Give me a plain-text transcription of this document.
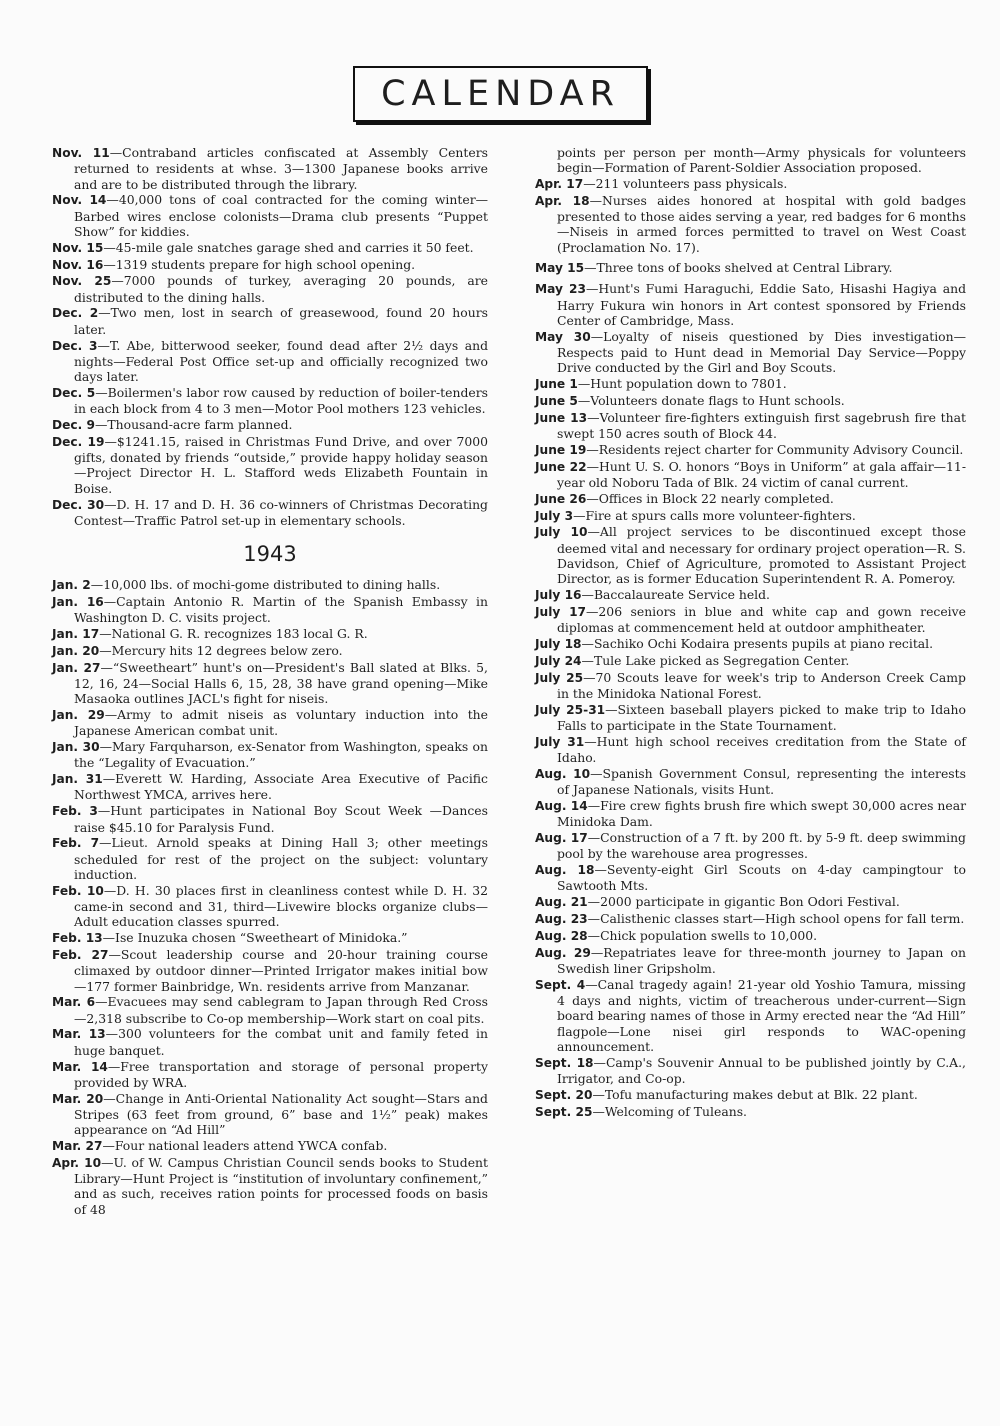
CALENDAR

Nov. 11—Contraband articles confiscated at Assembly Centers returned to residents at whse. 3—1300 Japanese books arrive and are to be distributed through the library.

Nov. 14—40,000 tons of coal contracted for the coming winter—Barbed wires enclose colonists—Drama club presents “Puppet Show” for kiddies.

Nov. 15—45-mile gale snatches garage shed and carries it 50 feet.

Nov. 16—1319 students prepare for high school opening.

Nov. 25—7000 pounds of turkey, averaging 20 pounds, are distributed to the dining halls.

Dec. 2—Two men, lost in search of greasewood, found 20 hours later.

Dec. 3—T. Abe, bitterwood seeker, found dead after 2½ days and nights—Federal Post Office set-up and officially recognized two days later.

Dec. 5—Boilermen's labor row caused by reduction of boiler-tenders in each block from 4 to 3 men—Motor Pool mothers 123 vehicles.

Dec. 9—Thousand-acre farm planned.

Dec. 19—$1241.15, raised in Christmas Fund Drive, and over 7000 gifts, donated by friends “outside,” provide happy holiday season—Project Director H. L. Stafford weds Elizabeth Fountain in Boise.

Dec. 30—D. H. 17 and D. H. 36 co-winners of Christmas Decorating Contest—Traffic Patrol set-up in elementary schools.

1943

Jan. 2—10,000 lbs. of mochi-gome distributed to dining halls.

Jan. 16—Captain Antonio R. Martin of the Spanish Embassy in Washington D. C. visits project.

Jan. 17—National G. R. recognizes 183 local G. R.

Jan. 20—Mercury hits 12 degrees below zero.

Jan. 27—“Sweetheart” hunt's on—President's Ball slated at Blks. 5, 12, 16, 24—Social Halls 6, 15, 28, 38 have grand opening—Mike Masaoka outlines JACL's fight for niseis.

Jan. 29—Army to admit niseis as voluntary induction into the Japanese American combat unit.

Jan. 30—Mary Farquharson, ex-Senator from Washington, speaks on the “Legality of Evacuation.”

Jan. 31—Everett W. Harding, Associate Area Executive of Pacific Northwest YMCA, arrives here.

Feb. 3—Hunt participates in National Boy Scout Week —Dances raise $45.10 for Paralysis Fund.

Feb. 7—Lieut. Arnold speaks at Dining Hall 3; other meetings scheduled for rest of the project on the subject: voluntary induction.

Feb. 10—D. H. 30 places first in cleanliness contest while D. H. 32 came-in second and 31, third—Livewire blocks organize clubs—Adult education classes spurred.

Feb. 13—Ise Inuzuka chosen “Sweetheart of Minidoka.”

Feb. 27—Scout leadership course and 20-hour training course climaxed by outdoor dinner—Printed Irrigator makes initial bow—177 former Bainbridge, Wn. residents arrive from Manzanar.

Mar. 6—Evacuees may send cablegram to Japan through Red Cross—2,318 subscribe to Co-op membership—Work start on coal pits.

Mar. 13—300 volunteers for the combat unit and family feted in huge banquet.

Mar. 14—Free transportation and storage of personal property provided by WRA.

Mar. 20—Change in Anti-Oriental Nationality Act sought—Stars and Stripes (63 feet from ground, 6” base and 1½” peak) makes appearance on “Ad Hill”

Mar. 27—Four national leaders attend YWCA confab.

Apr. 10—U. of W. Campus Christian Council sends books to Student Library—Hunt Project is “institution of involuntary confinement,” and as such, receives ration points for processed foods on basis of 48

points per person per month—Army physicals for volunteers begin—Formation of Parent-Soldier Association proposed.

Apr. 17—211 volunteers pass physicals.

Apr. 18—Nurses aides honored at hospital with gold badges presented to those aides serving a year, red badges for 6 months—Niseis in armed forces permitted to travel on West Coast (Proclamation No. 17).

May 15—Three tons of books shelved at Central Library.

May 23—Hunt's Fumi Haraguchi, Eddie Sato, Hisashi Hagiya and Harry Fukura win honors in Art contest sponsored by Friends Center of Cambridge, Mass.

May 30—Loyalty of niseis questioned by Dies investigation—Respects paid to Hunt dead in Memorial Day Service—Poppy Drive conducted by the Girl and Boy Scouts.

June 1—Hunt population down to 7801.

June 5—Volunteers donate flags to Hunt schools.

June 13—Volunteer fire-fighters extinguish first sagebrush fire that swept 150 acres south of Block 44.

June 19—Residents reject charter for Community Advisory Council.

June 22—Hunt U. S. O. honors “Boys in Uniform” at gala affair—11-year old Noboru Tada of Blk. 24 victim of canal current.

June 26—Offices in Block 22 nearly completed.

July 3—Fire at spurs calls more volunteer-fighters.

July 10—All project services to be discontinued except those deemed vital and necessary for ordinary project operation—R. S. Davidson, Chief of Agriculture, promoted to Assistant Project Director, as is former Education Superintendent R. A. Pomeroy.

July 16—Baccalaureate Service held.

July 17—206 seniors in blue and white cap and gown receive diplomas at commencement held at outdoor amphitheater.

July 18—Sachiko Ochi Kodaira presents pupils at piano recital.

July 24—Tule Lake picked as Segregation Center.

July 25—70 Scouts leave for week's trip to Anderson Creek Camp in the Minidoka National Forest.

July 25-31—Sixteen baseball players picked to make trip to Idaho Falls to participate in the State Tournament.

July 31—Hunt high school receives creditation from the State of Idaho.

Aug. 10—Spanish Government Consul, representing the interests of Japanese Nationals, visits Hunt.

Aug. 14—Fire crew fights brush fire which swept 30,000 acres near Minidoka Dam.

Aug. 17—Construction of a 7 ft. by 200 ft. by 5-9 ft. deep swimming pool by the warehouse area progresses.

Aug. 18—Seventy-eight Girl Scouts on 4-day campingtour to Sawtooth Mts.

Aug. 21—2000 participate in gigantic Bon Odori Festival.

Aug. 23—Calisthenic classes start—High school opens for fall term.

Aug. 28—Chick population swells to 10,000.

Aug. 29—Repatriates leave for three-month journey to Japan on Swedish liner Gripsholm.

Sept. 4—Canal tragedy again! 21-year old Yoshio Tamura, missing 4 days and nights, victim of treacherous under-current—Sign board bearing names of those in Army erected near the “Ad Hill” flagpole—Lone nisei girl responds to WAC-opening announcement.

Sept. 18—Camp's Souvenir Annual to be published jointly by C.A., Irrigator, and Co-op.

Sept. 20—Tofu manufacturing makes debut at Blk. 22 plant.

Sept. 25—Welcoming of Tuleans.
